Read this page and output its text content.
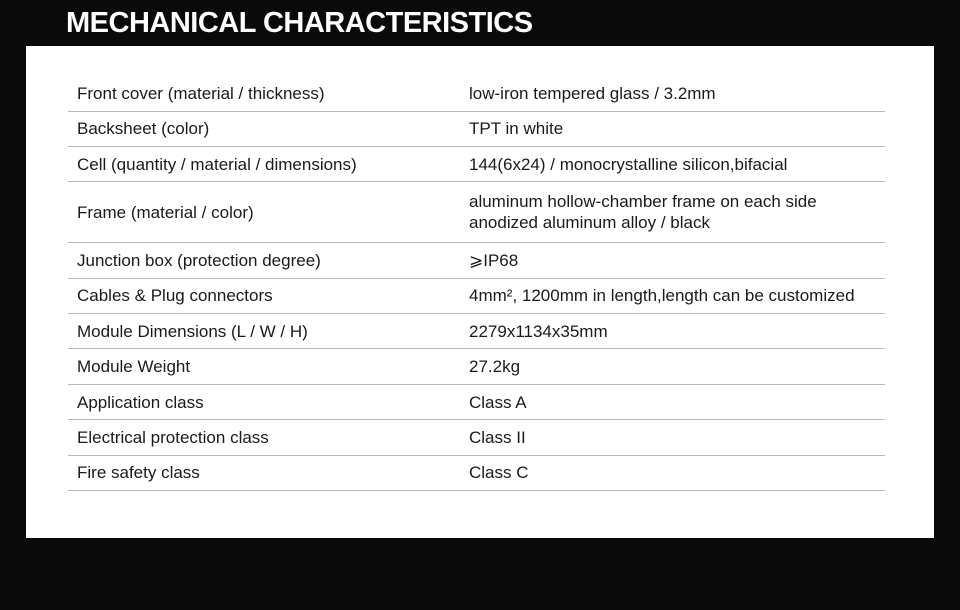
MECHANICAL CHARACTERISTICS
Front cover (material / thickness)	low-iron tempered glass / 3.2mm
Backsheet (color)	TPT in white
Cell (quantity / material / dimensions)	144(6x24) / monocrystalline silicon,bifacial
Frame (material / color)	aluminum hollow-chamber frame on each side
anodized aluminum alloy / black

Junction box (protection degree)	⩾IP68
Cables & Plug connectors	4mm², 1200mm in length,length can be customized
Module Dimensions (L / W / H)	2279x1134x35mm
Module Weight	27.2kg
Application class	Class A
Electrical protection class	Class II
Fire safety class	Class C
